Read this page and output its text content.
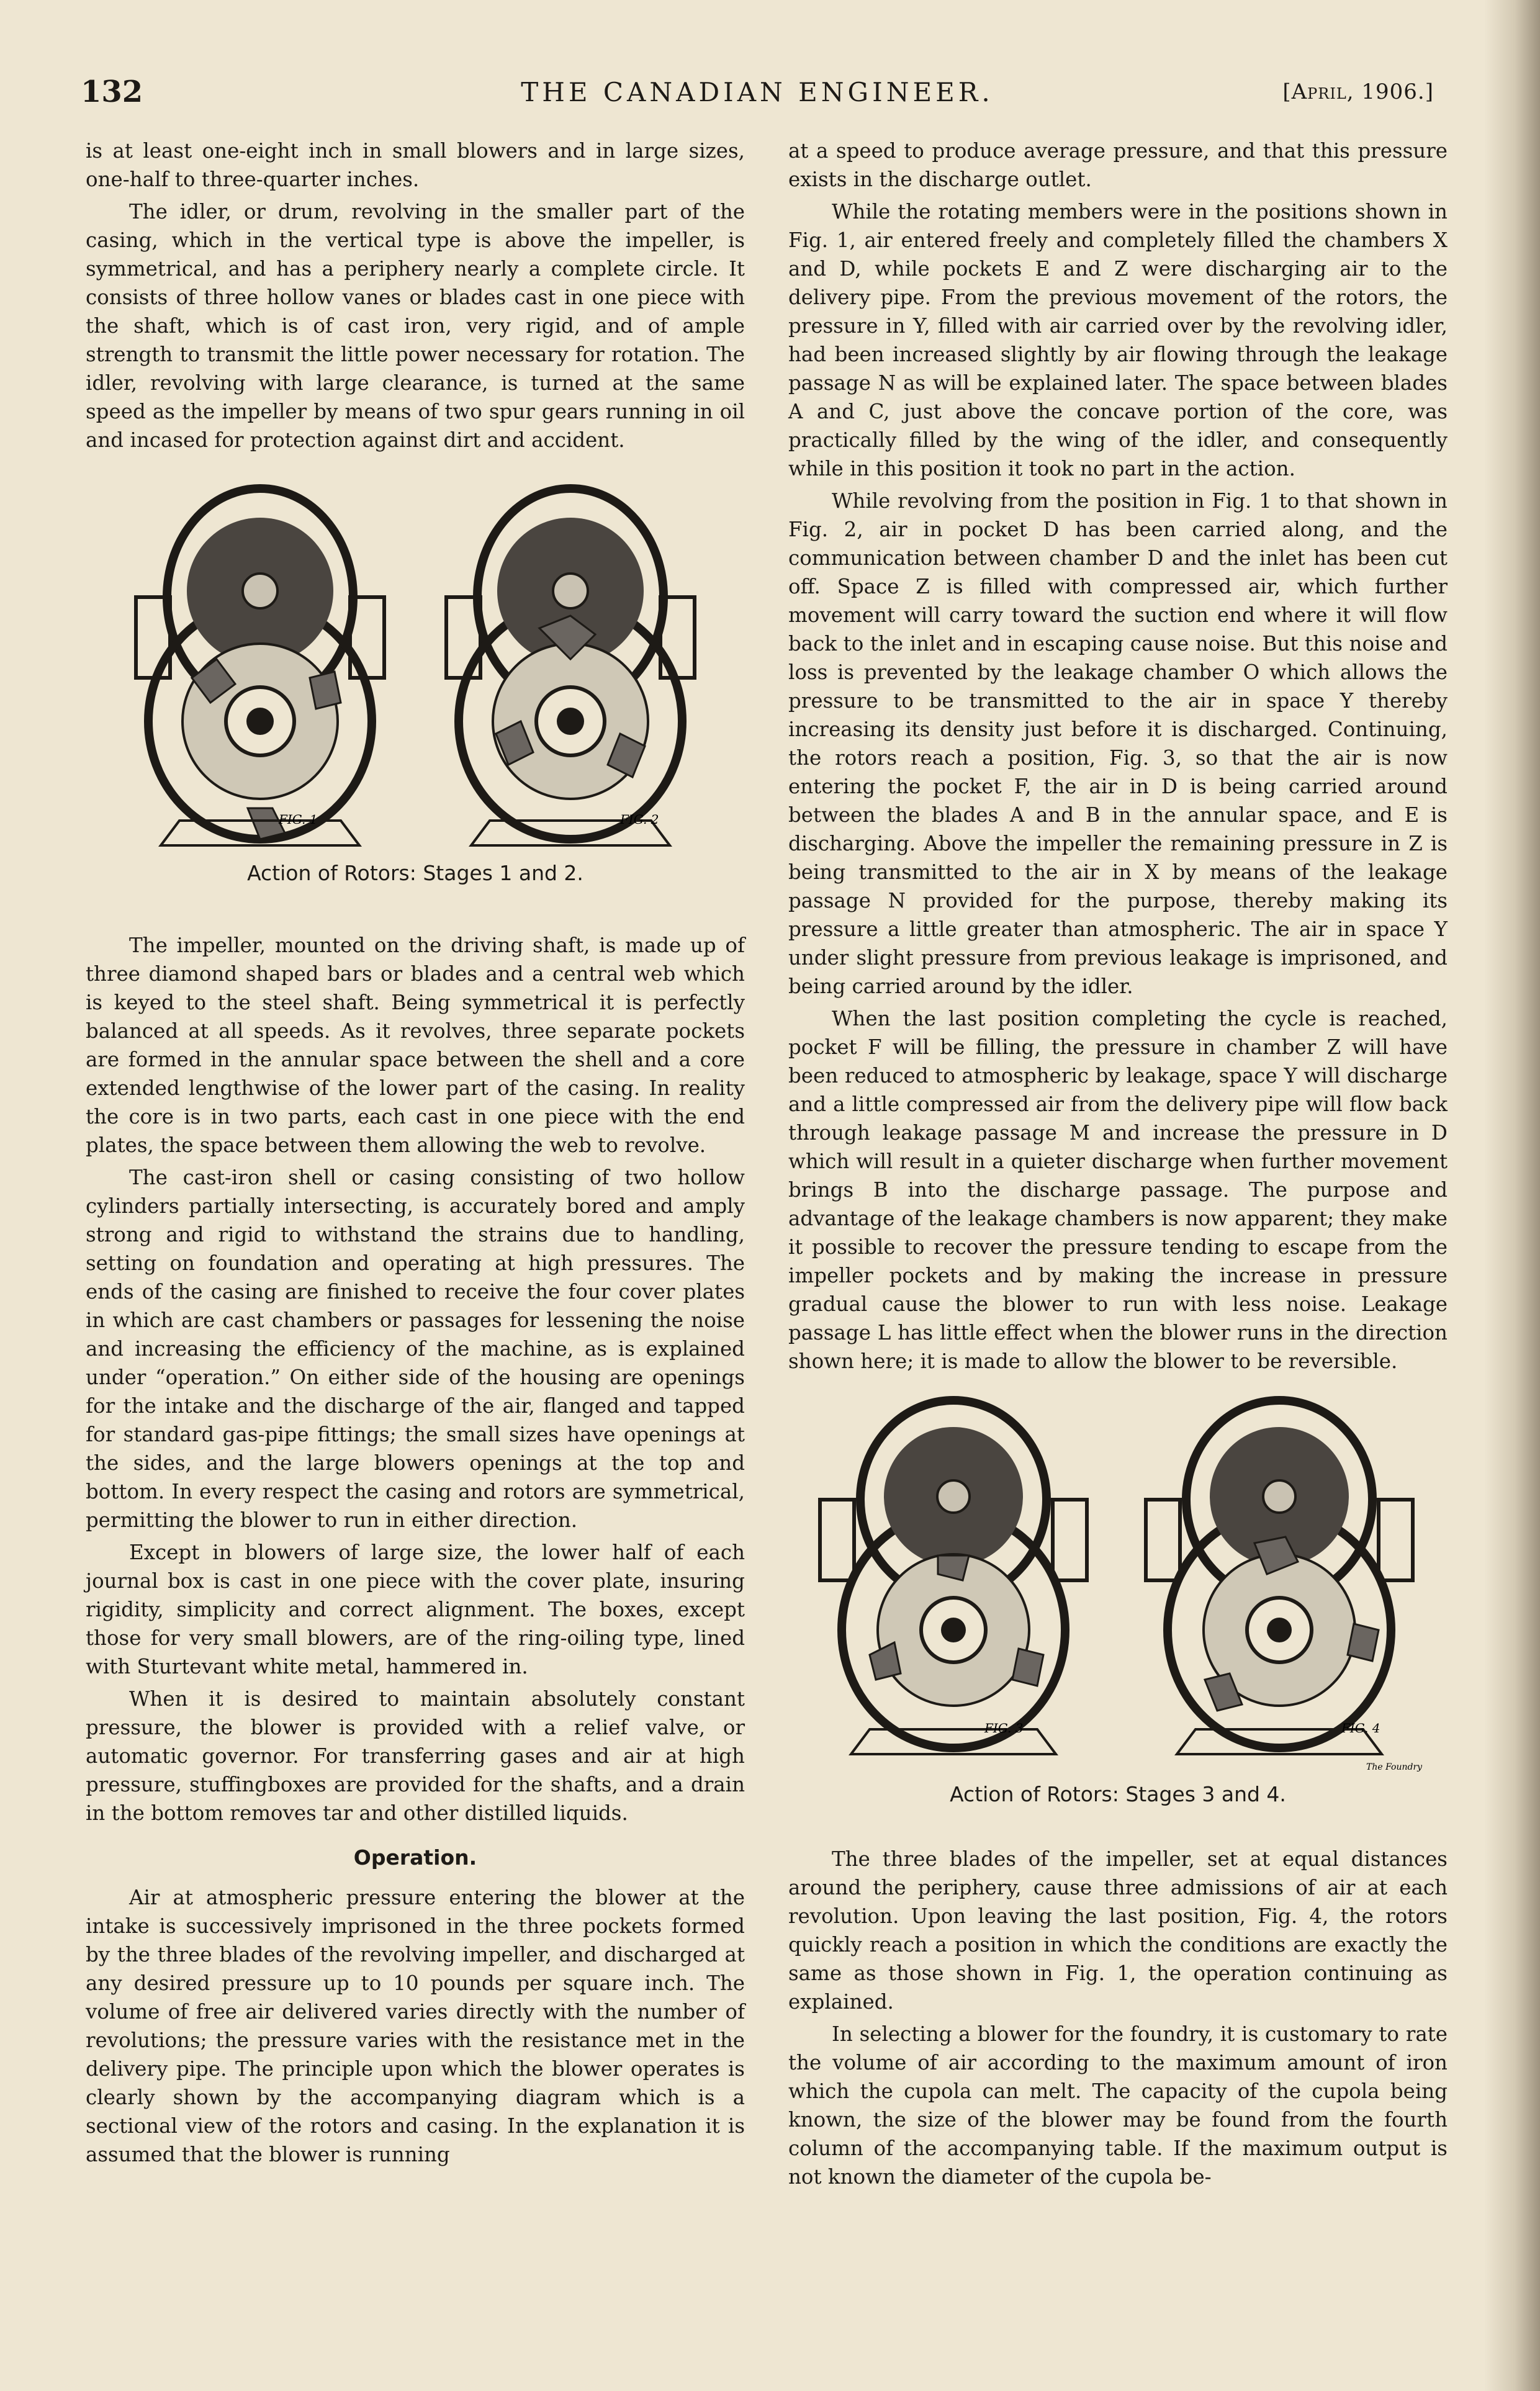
132	THE CANADIAN ENGINEER.	[April, 1906.]

is at least one-eight inch in small blowers and in large sizes, one-half to three-quarter inches.

The idler, or drum, revolving in the smaller part of the casing, which in the vertical type is above the impeller, is symmetrical, and has a periphery nearly a complete circle. It consists of three hollow vanes or blades cast in one piece with the shaft, which is of cast iron, very rigid, and of ample strength to transmit the little power necessary for rotation. The idler, revolving with large clearance, is turned at the same speed as the impeller by means of two spur gears running in oil and incased for protection against dirt and accident.

FIG. 1	FIG. 2
Action of Rotors: Stages 1 and 2.

The impeller, mounted on the driving shaft, is made up of three diamond shaped bars or blades and a central web which is keyed to the steel shaft. Being symmetrical it is perfectly balanced at all speeds. As it revolves, three separate pockets are formed in the annular space between the shell and a core extended lengthwise of the lower part of the casing. In reality the core is in two parts, each cast in one piece with the end plates, the space between them allowing the web to revolve.

The cast-iron shell or casing consisting of two hollow cylinders partially intersecting, is accurately bored and amply strong and rigid to withstand the strains due to handling, setting on foundation and operating at high pressures. The ends of the casing are finished to receive the four cover plates in which are cast chambers or passages for lessening the noise and increasing the efficiency of the machine, as is explained under “operation.” On either side of the housing are openings for the intake and the discharge of the air, flanged and tapped for standard gas-pipe fittings; the small sizes have openings at the sides, and the large blowers openings at the top and bottom. In every respect the casing and rotors are symmetrical, permitting the blower to run in either direction.

Except in blowers of large size, the lower half of each journal box is cast in one piece with the cover plate, insuring rigidity, simplicity and correct alignment. The boxes, except those for very small blowers, are of the ring-oiling type, lined with Sturtevant white metal, hammered in.

When it is desired to maintain absolutely constant pressure, the blower is provided with a relief valve, or automatic governor. For transferring gases and air at high pressure, stuffingboxes are provided for the shafts, and a drain in the bottom removes tar and other distilled liquids.

Operation.

Air at atmospheric pressure entering the blower at the intake is successively imprisoned in the three pockets formed by the three blades of the revolving impeller, and discharged at any desired pressure up to 10 pounds per square inch. The volume of free air delivered varies directly with the number of revolutions; the pressure varies with the resistance met in the delivery pipe. The principle upon which the blower operates is clearly shown by the accompanying diagram which is a sectional view of the rotors and casing. In the explanation it is assumed that the blower is running

at a speed to produce average pressure, and that this pressure exists in the discharge outlet.

While the rotating members were in the positions shown in Fig. 1, air entered freely and completely filled the chambers X and D, while pockets E and Z were discharging air to the delivery pipe. From the previous movement of the rotors, the pressure in Y, filled with air carried over by the revolving idler, had been increased slightly by air flowing through the leakage passage N as will be explained later. The space between blades A and C, just above the concave portion of the core, was practically filled by the wing of the idler, and consequently while in this position it took no part in the action.

While revolving from the position in Fig. 1 to that shown in Fig. 2, air in pocket D has been carried along, and the communication between chamber D and the inlet has been cut off. Space Z is filled with compressed air, which further movement will carry toward the suction end where it will flow back to the inlet and in escaping cause noise. But this noise and loss is prevented by the leakage chamber O which allows the pressure to be transmitted to the air in space Y thereby increasing its density just before it is discharged. Continuing, the rotors reach a position, Fig. 3, so that the air is now entering the pocket F, the air in D is being carried around between the blades A and B in the annular space, and E is discharging. Above the impeller the remaining pressure in Z is being transmitted to the air in X by means of the leakage passage N provided for the purpose, thereby making its pressure a little greater than atmospheric. The air in space Y under slight pressure from previous leakage is imprisoned, and being carried around by the idler.

When the last position completing the cycle is reached, pocket F will be filling, the pressure in chamber Z will have been reduced to atmospheric by leakage, space Y will discharge and a little compressed air from the delivery pipe will flow back through leakage passage M and increase the pressure in D which will result in a quieter discharge when further movement brings B into the discharge passage. The purpose and advantage of the leakage chambers is now apparent; they make it possible to recover the pressure tending to escape from the impeller pockets and by making the increase in pressure gradual cause the blower to run with less noise. Leakage passage L has little effect when the blower runs in the direction shown here; it is made to allow the blower to be reversible.

FIG. 3	FIG. 4
The Foundry
Action of Rotors: Stages 3 and 4.

The three blades of the impeller, set at equal distances around the periphery, cause three admissions of air at each revolution. Upon leaving the last position, Fig. 4, the rotors quickly reach a position in which the conditions are exactly the same as those shown in Fig. 1, the operation continuing as explained.

In selecting a blower for the foundry, it is customary to rate the volume of air according to the maximum amount of iron which the cupola can melt. The capacity of the cupola being known, the size of the blower may be found from the fourth column of the accompanying table. If the maximum output is not known the diameter of the cupola be-
